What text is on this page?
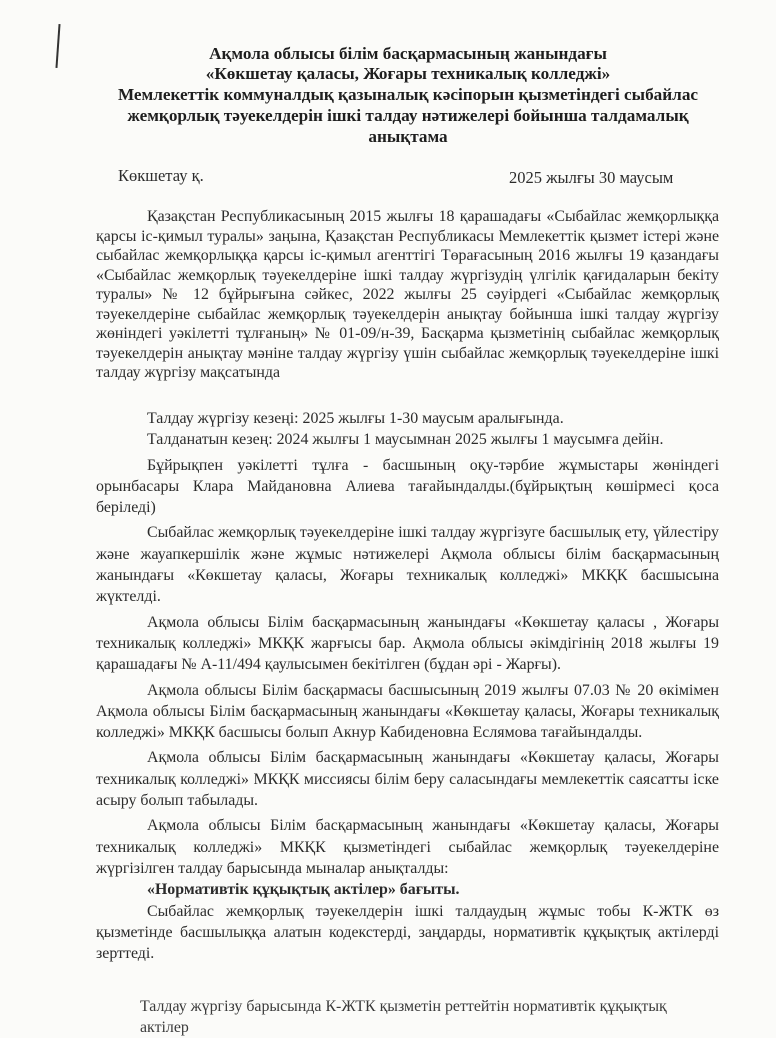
Ақмола облысы білім басқармасының жанындағы
«Көкшетау қаласы, Жоғары техникалық колледжі»
Мемлекеттік коммуналдық қазыналық кәсіпорын қызметіндегі сыбайлас
жемқорлық тәуекелдерін ішкі талдау нәтижелері бойынша талдамалық
анықтама
Көкшетау қ.	2025 жылғы 30 маусым

Қазақстан Республикасының 2015 жылғы 18 қарашадағы «Сыбайлас жемқорлыққа қарсы іс-қимыл туралы» заңына, Қазақстан Республикасы Мемлекеттік қызмет істері және сыбайлас жемқорлыққа қарсы іс-қимыл агенттігі Төрағасының 2016 жылғы 19 қазандағы «Сыбайлас жемқорлық тәуекелдеріне ішкі талдау жүргізудің үлгілік қағидаларын бекіту туралы» № 12 бұйрығына сәйкес, 2022 жылғы 25 сәуірдегі «Сыбайлас жемқорлық тәуекелдеріне сыбайлас жемқорлық тәуекелдерін анықтау бойынша ішкі талдау жүргізу жөніндегі уәкілетті тұлғаның» № 01-09/н-39, Басқарма қызметінің сыбайлас жемқорлық тәуекелдерін анықтау мәніне талдау жүргізу үшін сыбайлас жемқорлық тәуекелдеріне ішкі талдау жүргізу мақсатында

Талдау жүргізу кезеңі: 2025 жылғы 1-30 маусым аралығында.

Талданатын кезең: 2024 жылғы 1 маусымнан 2025 жылғы 1 маусымға дейін.

Бұйрықпен уәкілетті тұлға - басшының оқу-тәрбие жұмыстары жөніндегі орынбасары Клара Майдановна Алиева тағайындалды.(бұйрықтың көшірмесі қоса беріледі)

Сыбайлас жемқорлық тәуекелдеріне ішкі талдау жүргізуге басшылық ету, үйлестіру және жауапкершілік және жұмыс нәтижелері Ақмола облысы білім басқармасының жанындағы «Көкшетау қаласы, Жоғары техникалық колледжі» МКҚК басшысына жүктелді.

Ақмола облысы Білім басқармасының жанындағы «Көкшетау қаласы , Жоғары техникалық колледжі» МКҚК жарғысы бар. Ақмола облысы әкімдігінің 2018 жылғы 19 қарашадағы № А-11/494 қаулысымен бекітілген (бұдан әрі - Жарғы).

Ақмола облысы Білім басқармасы басшысының 2019 жылғы 07.03 № 20 өкімімен Ақмола облысы Білім басқармасының жанындағы «Көкшетау қаласы, Жоғары техникалық колледжі» МКҚК басшысы болып Акнур Кабиденовна Еслямова тағайындалды.

Ақмола облысы Білім басқармасының жанындағы «Көкшетау қаласы, Жоғары техникалық колледжі» МКҚК миссиясы білім беру саласындағы мемлекеттік саясатты іске асыру болып табылады.

Ақмола облысы Білім басқармасының жанындағы «Көкшетау қаласы, Жоғары техникалық колледжі» МКҚК қызметіндегі сыбайлас жемқорлық тәуекелдеріне жүргізілген талдау барысында мыналар анықталды:

«Нормативтік құқықтық актілер» бағыты.

Сыбайлас жемқорлық тәуекелдерін ішкі талдаудың жұмыс тобы К-ЖТК өз қызметінде басшылыққа алатын кодекстерді, заңдарды, нормативтік құқықтық актілерді зерттеді.

Талдау жүргізу барысында К-ЖТК қызметін реттейтін нормативтік құқықтық актілер
